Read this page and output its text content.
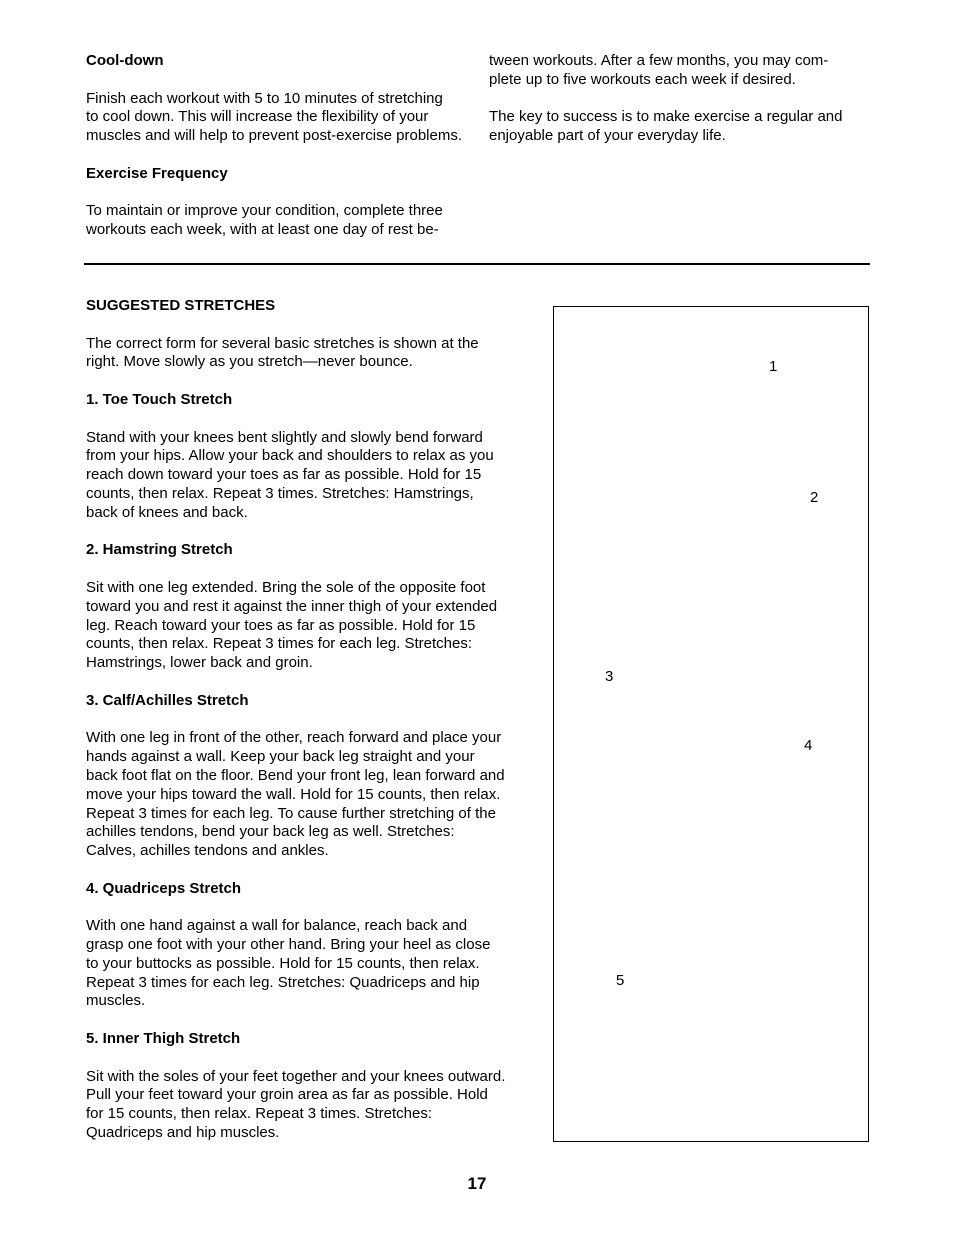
Cool-down

Finish each workout with 5 to 10 minutes of stretching

to cool down. This will increase the flexibility of your

muscles and will help to prevent post-exercise problems.

Exercise Frequency

To maintain or improve your condition, complete three

workouts each week, with at least one day of rest be-

tween workouts. After a few months, you may com-

plete up to five workouts each week if desired.

The key to success is to make exercise a regular and

enjoyable part of your everyday life.

SUGGESTED STRETCHES

The correct form for several basic stretches is shown at the

right. Move slowly as you stretch—never bounce.

1. Toe Touch Stretch

Stand with your knees bent slightly and slowly bend forward

from your hips. Allow your back and shoulders to relax as you

reach down toward your toes as far as possible. Hold for 15

counts, then relax. Repeat 3 times. Stretches: Hamstrings,

back of knees and back.

2. Hamstring Stretch

Sit with one leg extended. Bring the sole of the opposite foot

toward you and rest it against the inner thigh of your extended

leg. Reach toward your toes as far as possible. Hold for 15

counts, then relax. Repeat 3 times for each leg. Stretches:

Hamstrings, lower back and groin.

3. Calf/Achilles Stretch

With one leg in front of the other, reach forward and place your

hands against a wall. Keep your back leg straight and your

back foot flat on the floor. Bend your front leg, lean forward and

move your hips toward the wall. Hold for 15 counts, then relax.

Repeat 3 times for each leg. To cause further stretching of the

achilles tendons, bend your back leg as well. Stretches:

Calves, achilles tendons and ankles.

4. Quadriceps Stretch

With one hand against a wall for balance, reach back and

grasp one foot with your other hand. Bring your heel as close

to your buttocks as possible. Hold for 15 counts, then relax.

Repeat 3 times for each leg. Stretches: Quadriceps and hip

muscles.

5. Inner Thigh Stretch

Sit with the soles of your feet together and your knees outward.

Pull your feet toward your groin area as far as possible. Hold

for 15 counts, then relax. Repeat 3 times. Stretches:

Quadriceps and hip muscles.

1
2
3
4
5
17
